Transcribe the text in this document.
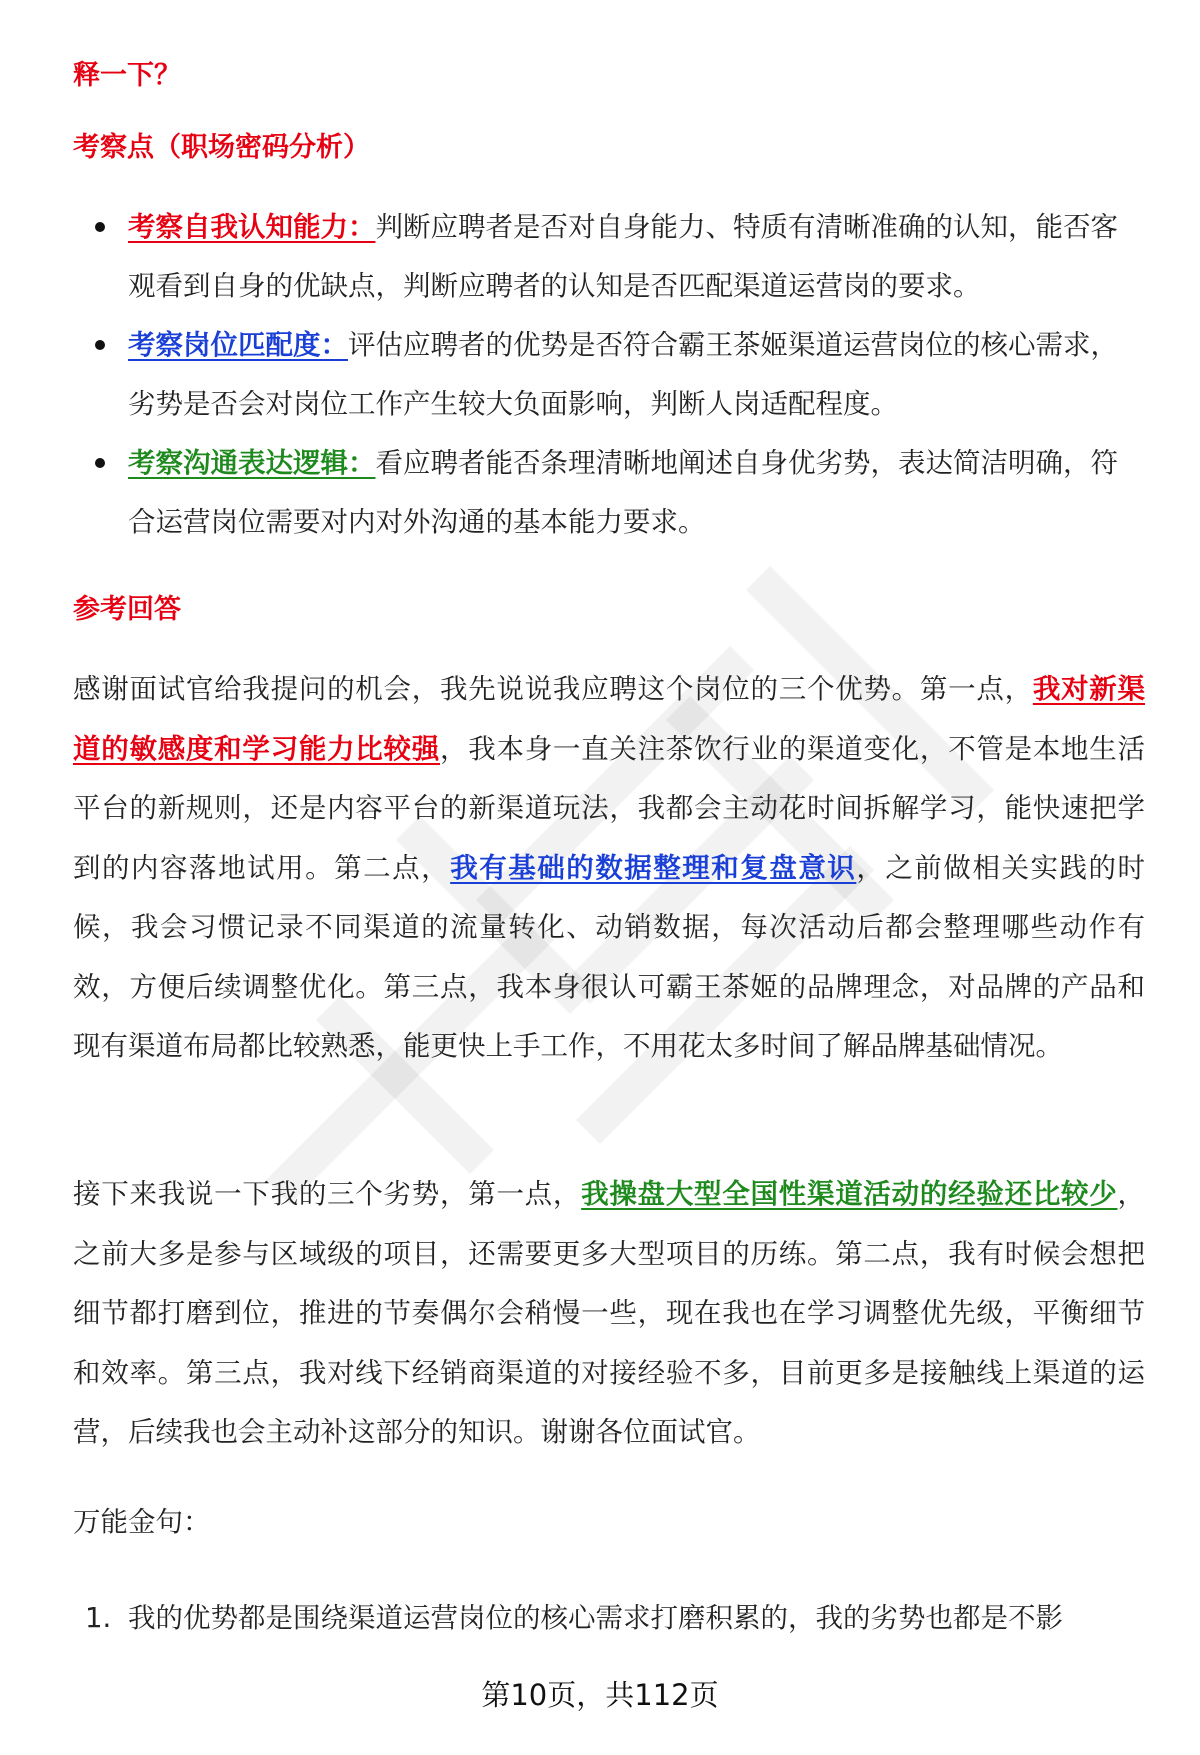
释一下？
考察点（职场密码分析）
考察自我认知能力：判断应聘者是否对自身能力、特质有清晰准确的认知，能否客观看到自身的优缺点，判断应聘者的认知是否匹配渠道运营岗的要求。
考察岗位匹配度：评估应聘者的优势是否符合霸王茶姬渠道运营岗位的核心需求，劣势是否会对岗位工作产生较大负面影响，判断人岗适配程度。
考察沟通表达逻辑：看应聘者能否条理清晰地阐述自身优劣势，表达简洁明确，符合运营岗位需要对内对外沟通的基本能力要求。
参考回答

感谢面试官给我提问的机会，我先说说我应聘这个岗位的三个优势。第一点，我对新渠道的敏感度和学习能力比较强，我本身一直关注茶饮行业的渠道变化，不管是本地生活平台的新规则，还是内容平台的新渠道玩法，我都会主动花时间拆解学习，能快速把学到的内容落地试用。第二点，我有基础的数据整理和复盘意识，之前做相关实践的时候，我会习惯记录不同渠道的流量转化、动销数据，每次活动后都会整理哪些动作有效，方便后续调整优化。第三点，我本身很认可霸王茶姬的品牌理念，对品牌的产品和现有渠道布局都比较熟悉，能更快上手工作，不用花太多时间了解品牌基础情况。

接下来我说一下我的三个劣势，第一点，我操盘大型全国性渠道活动的经验还比较少，之前大多是参与区域级的项目，还需要更多大型项目的历练。第二点，我有时候会想把细节都打磨到位，推进的节奏偶尔会稍慢一些，现在我也在学习调整优先级，平衡细节和效率。第三点，我对线下经销商渠道的对接经验不多，目前更多是接触线上渠道的运营，后续我也会主动补这部分的知识。谢谢各位面试官。

万能金句：

1. 我的优势都是围绕渠道运营岗位的核心需求打磨积累的，我的劣势也都是不影
第10页，共112页
